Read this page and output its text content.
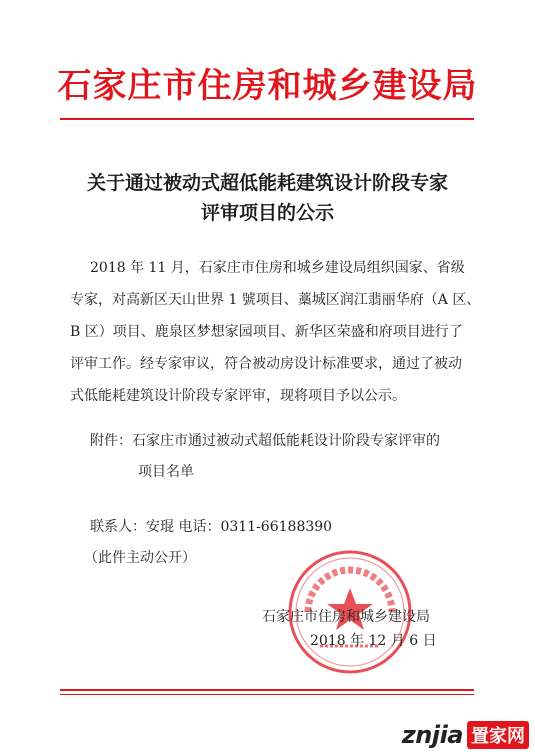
石家庄市住房和城乡建设局
关于通过被动式超低能耗建筑设计阶段专家
评审项目的公示
2018 年 11 月，石家庄市住房和城乡建设局组织国家、省级
专家，对高新区天山世界 1 號项目、藁城区润江翡丽华府（A 区、
B 区）项目、鹿泉区梦想家园项目、新华区荣盛和府项目进行了
评审工作。经专家审议，符合被动房设计标准要求，通过了被动
式低能耗建筑设计阶段专家评审，现将项目予以公示。
附件：石家庄市通过被动式超低能耗设计阶段专家评审的
项目名单
联系人：安琨 电话：0311-66188390
（此件主动公开）
石家庄市住房和城乡建设局
2018 年 12 月 6 日
znjia 置家网
